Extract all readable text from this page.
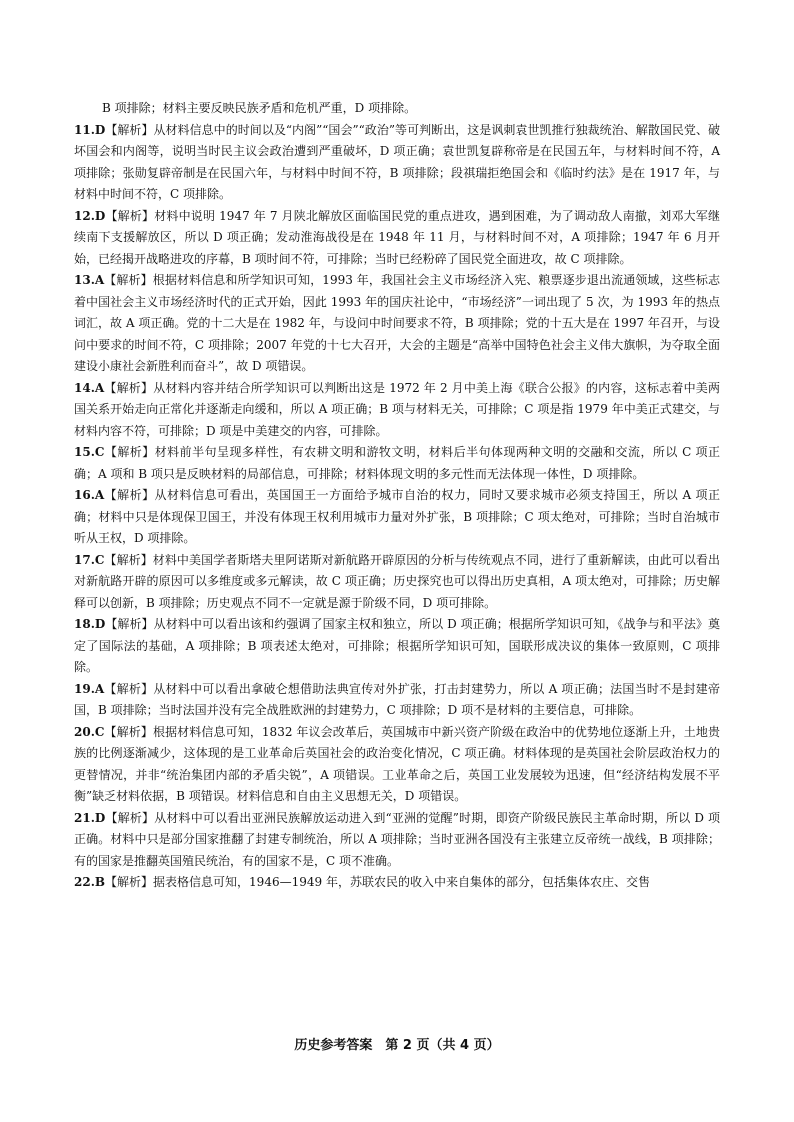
B 项排除；材料主要反映民族矛盾和危机严重，D 项排除。

11.D【解析】从材料信息中的时间以及“内阁”“国会”“政治”等可判断出，这是讽刺袁世凯推行独裁统治、解散国民党、破坏国会和内阁等，说明当时民主议会政治遭到严重破坏，D 项正确；袁世凯复辟称帝是在民国五年，与材料时间不符，A 项排除；张勋复辟帝制是在民国六年，与材料中时间不符，B 项排除；段祺瑞拒绝国会和《临时约法》是在 1917 年，与材料中时间不符，C 项排除。

12.D【解析】材料中说明 1947 年 7 月陕北解放区面临国民党的重点进攻，遇到困难，为了调动敌人南撤，刘邓大军继续南下支援解放区，所以 D 项正确；发动淮海战役是在 1948 年 11 月，与材料时间不对，A 项排除；1947 年 6 月开始，已经揭开战略进攻的序幕，B 项时间不符，可排除；当时已经粉碎了国民党全面进攻，故 C 项排除。

13.A【解析】根据材料信息和所学知识可知，1993 年，我国社会主义市场经济入宪、粮票逐步退出流通领域，这些标志着中国社会主义市场经济时代的正式开始，因此 1993 年的国庆社论中，“市场经济”一词出现了 5 次，为 1993 年的热点词汇，故 A 项正确。党的十二大是在 1982 年，与设问中时间要求不符，B 项排除；党的十五大是在 1997 年召开，与设问中要求的时间不符，C 项排除；2007 年党的十七大召开，大会的主题是“高举中国特色社会主义伟大旗帜，为夺取全面建设小康社会新胜利而奋斗”，故 D 项错误。

14.A【解析】从材料内容并结合所学知识可以判断出这是 1972 年 2 月中美上海《联合公报》的内容，这标志着中美两国关系开始走向正常化并逐渐走向缓和，所以 A 项正确；B 项与材料无关，可排除；C 项是指 1979 年中美正式建交，与材料内容不符，可排除；D 项是中美建交的内容，可排除。

15.C【解析】材料前半句呈现多样性，有农耕文明和游牧文明，材料后半句体现两种文明的交融和交流，所以 C 项正确；A 项和 B 项只是反映材料的局部信息，可排除；材料体现文明的多元性而无法体现一体性，D 项排除。

16.A【解析】从材料信息可看出，英国国王一方面给予城市自治的权力，同时又要求城市必须支持国王，所以 A 项正确；材料中只是体现保卫国王，并没有体现王权利用城市力量对外扩张，B 项排除；C 项太绝对，可排除；当时自治城市听从王权，D 项排除。

17.C【解析】材料中美国学者斯塔夫里阿诺斯对新航路开辟原因的分析与传统观点不同，进行了重新解读，由此可以看出对新航路开辟的原因可以多维度或多元解读，故 C 项正确；历史探究也可以得出历史真相，A 项太绝对，可排除；历史解释可以创新，B 项排除；历史观点不同不一定就是源于阶级不同，D 项可排除。

18.D【解析】从材料中可以看出该和约强调了国家主权和独立，所以 D 项正确；根据所学知识可知，《战争与和平法》奠定了国际法的基础，A 项排除；B 项表述太绝对，可排除；根据所学知识可知，国联形成决议的集体一致原则，C 项排除。

19.A【解析】从材料中可以看出拿破仑想借助法典宣传对外扩张，打击封建势力，所以 A 项正确；法国当时不是封建帝国，B 项排除；当时法国并没有完全战胜欧洲的封建势力，C 项排除；D 项不是材料的主要信息，可排除。

20.C【解析】根据材料信息可知，1832 年议会改革后，英国城市中新兴资产阶级在政治中的优势地位逐渐上升，土地贵族的比例逐渐减少，这体现的是工业革命后英国社会的政治变化情况，C 项正确。材料体现的是英国社会阶层政治权力的更替情况，并非“统治集团内部的矛盾尖锐”，A 项错误。工业革命之后，英国工业发展较为迅速，但“经济结构发展不平衡”缺乏材料依据，B 项错误。材料信息和自由主义思想无关，D 项错误。

21.D【解析】从材料中可以看出亚洲民族解放运动进入到“亚洲的觉醒”时期，即资产阶级民族民主革命时期，所以 D 项正确。材料中只是部分国家推翻了封建专制统治，所以 A 项排除；当时亚洲各国没有主张建立反帝统一战线，B 项排除；有的国家是推翻英国殖民统治，有的国家不是，C 项不准确。

22.B【解析】据表格信息可知，1946—1949 年，苏联农民的收入中来自集体的部分，包括集体农庄、交售

历史参考答案　第 2 页（共 4 页）
